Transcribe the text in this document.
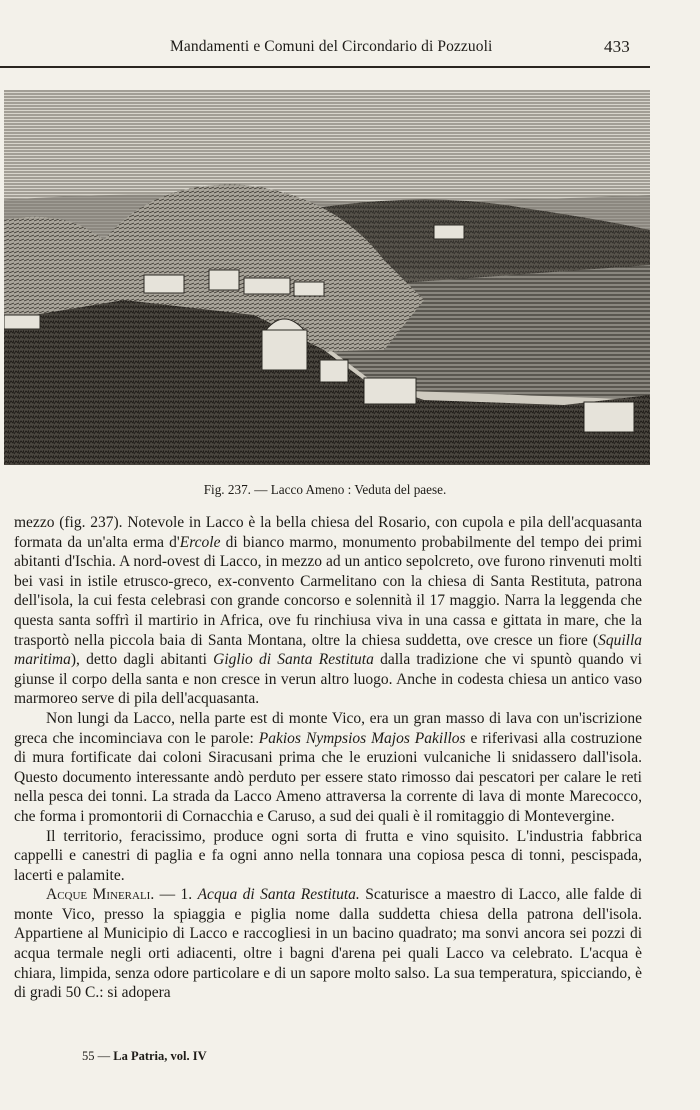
Mandamenti e Comuni del Circondario di Pozzuoli	433
Fig. 237. — Lacco Ameno : Veduta del paese.

mezzo (fig. 237). Notevole in Lacco è la bella chiesa del Rosario, con cupola e pila dell'acquasanta formata da un'alta erma d'Ercole di bianco marmo, monumento probabilmente del tempo dei primi abitanti d'Ischia. A nord-ovest di Lacco, in mezzo ad un antico sepolcreto, ove furono rinvenuti molti bei vasi in istile etrusco-greco, ex-convento Carmelitano con la chiesa di Santa Restituta, patrona dell'isola, la cui festa celebrasi con grande concorso e solennità il 17 maggio. Narra la leggenda che questa santa soffrì il martirio in Africa, ove fu rinchiusa viva in una cassa e gittata in mare, che la trasportò nella piccola baia di Santa Montana, oltre la chiesa suddetta, ove cresce un fiore (Squilla maritima), detto dagli abitanti Giglio di Santa Restituta dalla tradizione che vi spuntò quando vi giunse il corpo della santa e non cresce in verun altro luogo. Anche in codesta chiesa un antico vaso marmoreo serve di pila dell'acquasanta.

Non lungi da Lacco, nella parte est di monte Vico, era un gran masso di lava con un'iscrizione greca che incominciava con le parole: Pakios Nympsios Majos Pakillos e riferivasi alla costruzione di mura fortificate dai coloni Siracusani prima che le eruzioni vulcaniche li snidassero dall'isola. Questo documento interessante andò perduto per essere stato rimosso dai pescatori per calare le reti nella pesca dei tonni. La strada da Lacco Ameno attraversa la corrente di lava di monte Marecocco, che forma i promontorii di Cornacchia e Caruso, a sud dei quali è il romitaggio di Montevergine.

Il territorio, feracissimo, produce ogni sorta di frutta e vino squisito. L'industria fabbrica cappelli e canestri di paglia e fa ogni anno nella tonnara una copiosa pesca di tonni, pescispada, lacerti e palamite.

Acque Minerali. — 1. Acqua di Santa Restituta. Scaturisce a maestro di Lacco, alle falde di monte Vico, presso la spiaggia e piglia nome dalla suddetta chiesa della patrona dell'isola. Appartiene al Municipio di Lacco e raccogliesi in un bacino quadrato; ma sonvi ancora sei pozzi di acqua termale negli orti adiacenti, oltre i bagni d'arena pei quali Lacco va celebrato. L'acqua è chiara, limpida, senza odore particolare e di un sapore molto salso. La sua temperatura, spicciando, è di gradi 50 C.: si adopera

55 — La Patria, vol. IV
